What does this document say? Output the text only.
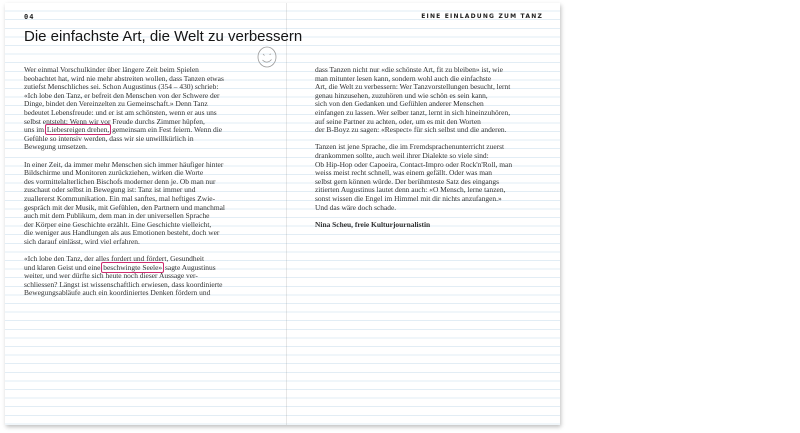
04	EINE EINLADUNG ZUM TANZ
Die einfachste Art, die Welt zu verbessern

Wer einmal Vorschulkinder über längere Zeit beim Spielen
beobachtet hat, wird nie mehr abstreiten wollen, dass Tanzen etwas
zutiefst Menschliches sei. Schon Augustinus (354 – 430) schrieb:
«Ich lobe den Tanz, er befreit den Menschen von der Schwere der
Dinge, bindet den Vereinzelten zu Gemeinschaft.» Denn Tanz
bedeutet Lebensfreude: und er ist am schönsten, wenn er aus uns
selbst entsteht: Wenn wir vor Freude durchs Zimmer hüpfen,
uns im Liebesreigen drehen, gemeinsam ein Fest feiern. Wenn die
Gefühle so intensiv werden, dass wir sie unwillkürlich in
Bewegung umsetzen.

In einer Zeit, da immer mehr Menschen sich immer häufiger hinter
Bildschirme und Monitoren zurückziehen, wirken die Worte
des vormittelalterlichen Bischofs moderner denn je. Ob man nur
zuschaut oder selbst in Bewegung ist: Tanz ist immer und
zuallererst Kommunikation. Ein mal sanftes, mal heftiges Zwie-
gespräch mit der Musik, mit Gefühlen, den Partnern und manchmal
auch mit dem Publikum, dem man in der universellen Sprache
der Körper eine Geschichte erzählt. Eine Geschichte vielleicht,
die weniger aus Handlungen als aus Emotionen besteht, doch wer
sich darauf einlässt, wird viel erfahren.

«Ich lobe den Tanz, der alles fordert und fördert, Gesundheit
und klaren Geist und eine beschwingte Seele» sagte Augustinus
weiter, und wer dürfte sich heute noch dieser Aussage ver-
schliessen? Längst ist wissenschaftlich erwiesen, dass koordinierte
Bewegungsabläufe auch ein koordiniertes Denken fördern und

dass Tanzen nicht nur «die schönste Art, fit zu bleiben» ist, wie
man mitunter lesen kann, sondern wohl auch die einfachste
Art, die Welt zu verbessern: Wer Tanzvorstellungen besucht, lernt
genau hinzusehen, zuzuhören und wie schön es sein kann,
sich von den Gedanken und Gefühlen anderer Menschen
einfangen zu lassen. Wer selber tanzt, lernt in sich hineinzuhören,
auf seine Partner zu achten, oder, um es mit den Worten
der B-Boyz zu sagen: «Respect» für sich selbst und die anderen.

Tanzen ist jene Sprache, die im Fremdsprachenunterricht zuerst
drankommen sollte, auch weil ihrer Dialekte so viele sind:
Ob Hip-Hop oder Capoeira, Contact-Impro oder Rock'n'Roll, man
weiss meist recht schnell, was einem gefällt. Oder was man
selbst gern können würde. Der berühmteste Satz des eingangs
zitierten Augustinus lautet denn auch: «O Mensch, lerne tanzen,
sonst wissen die Engel im Himmel mit dir nichts anzufangen.»
Und das wäre doch schade.

Nina Scheu, freie Kulturjournalistin
